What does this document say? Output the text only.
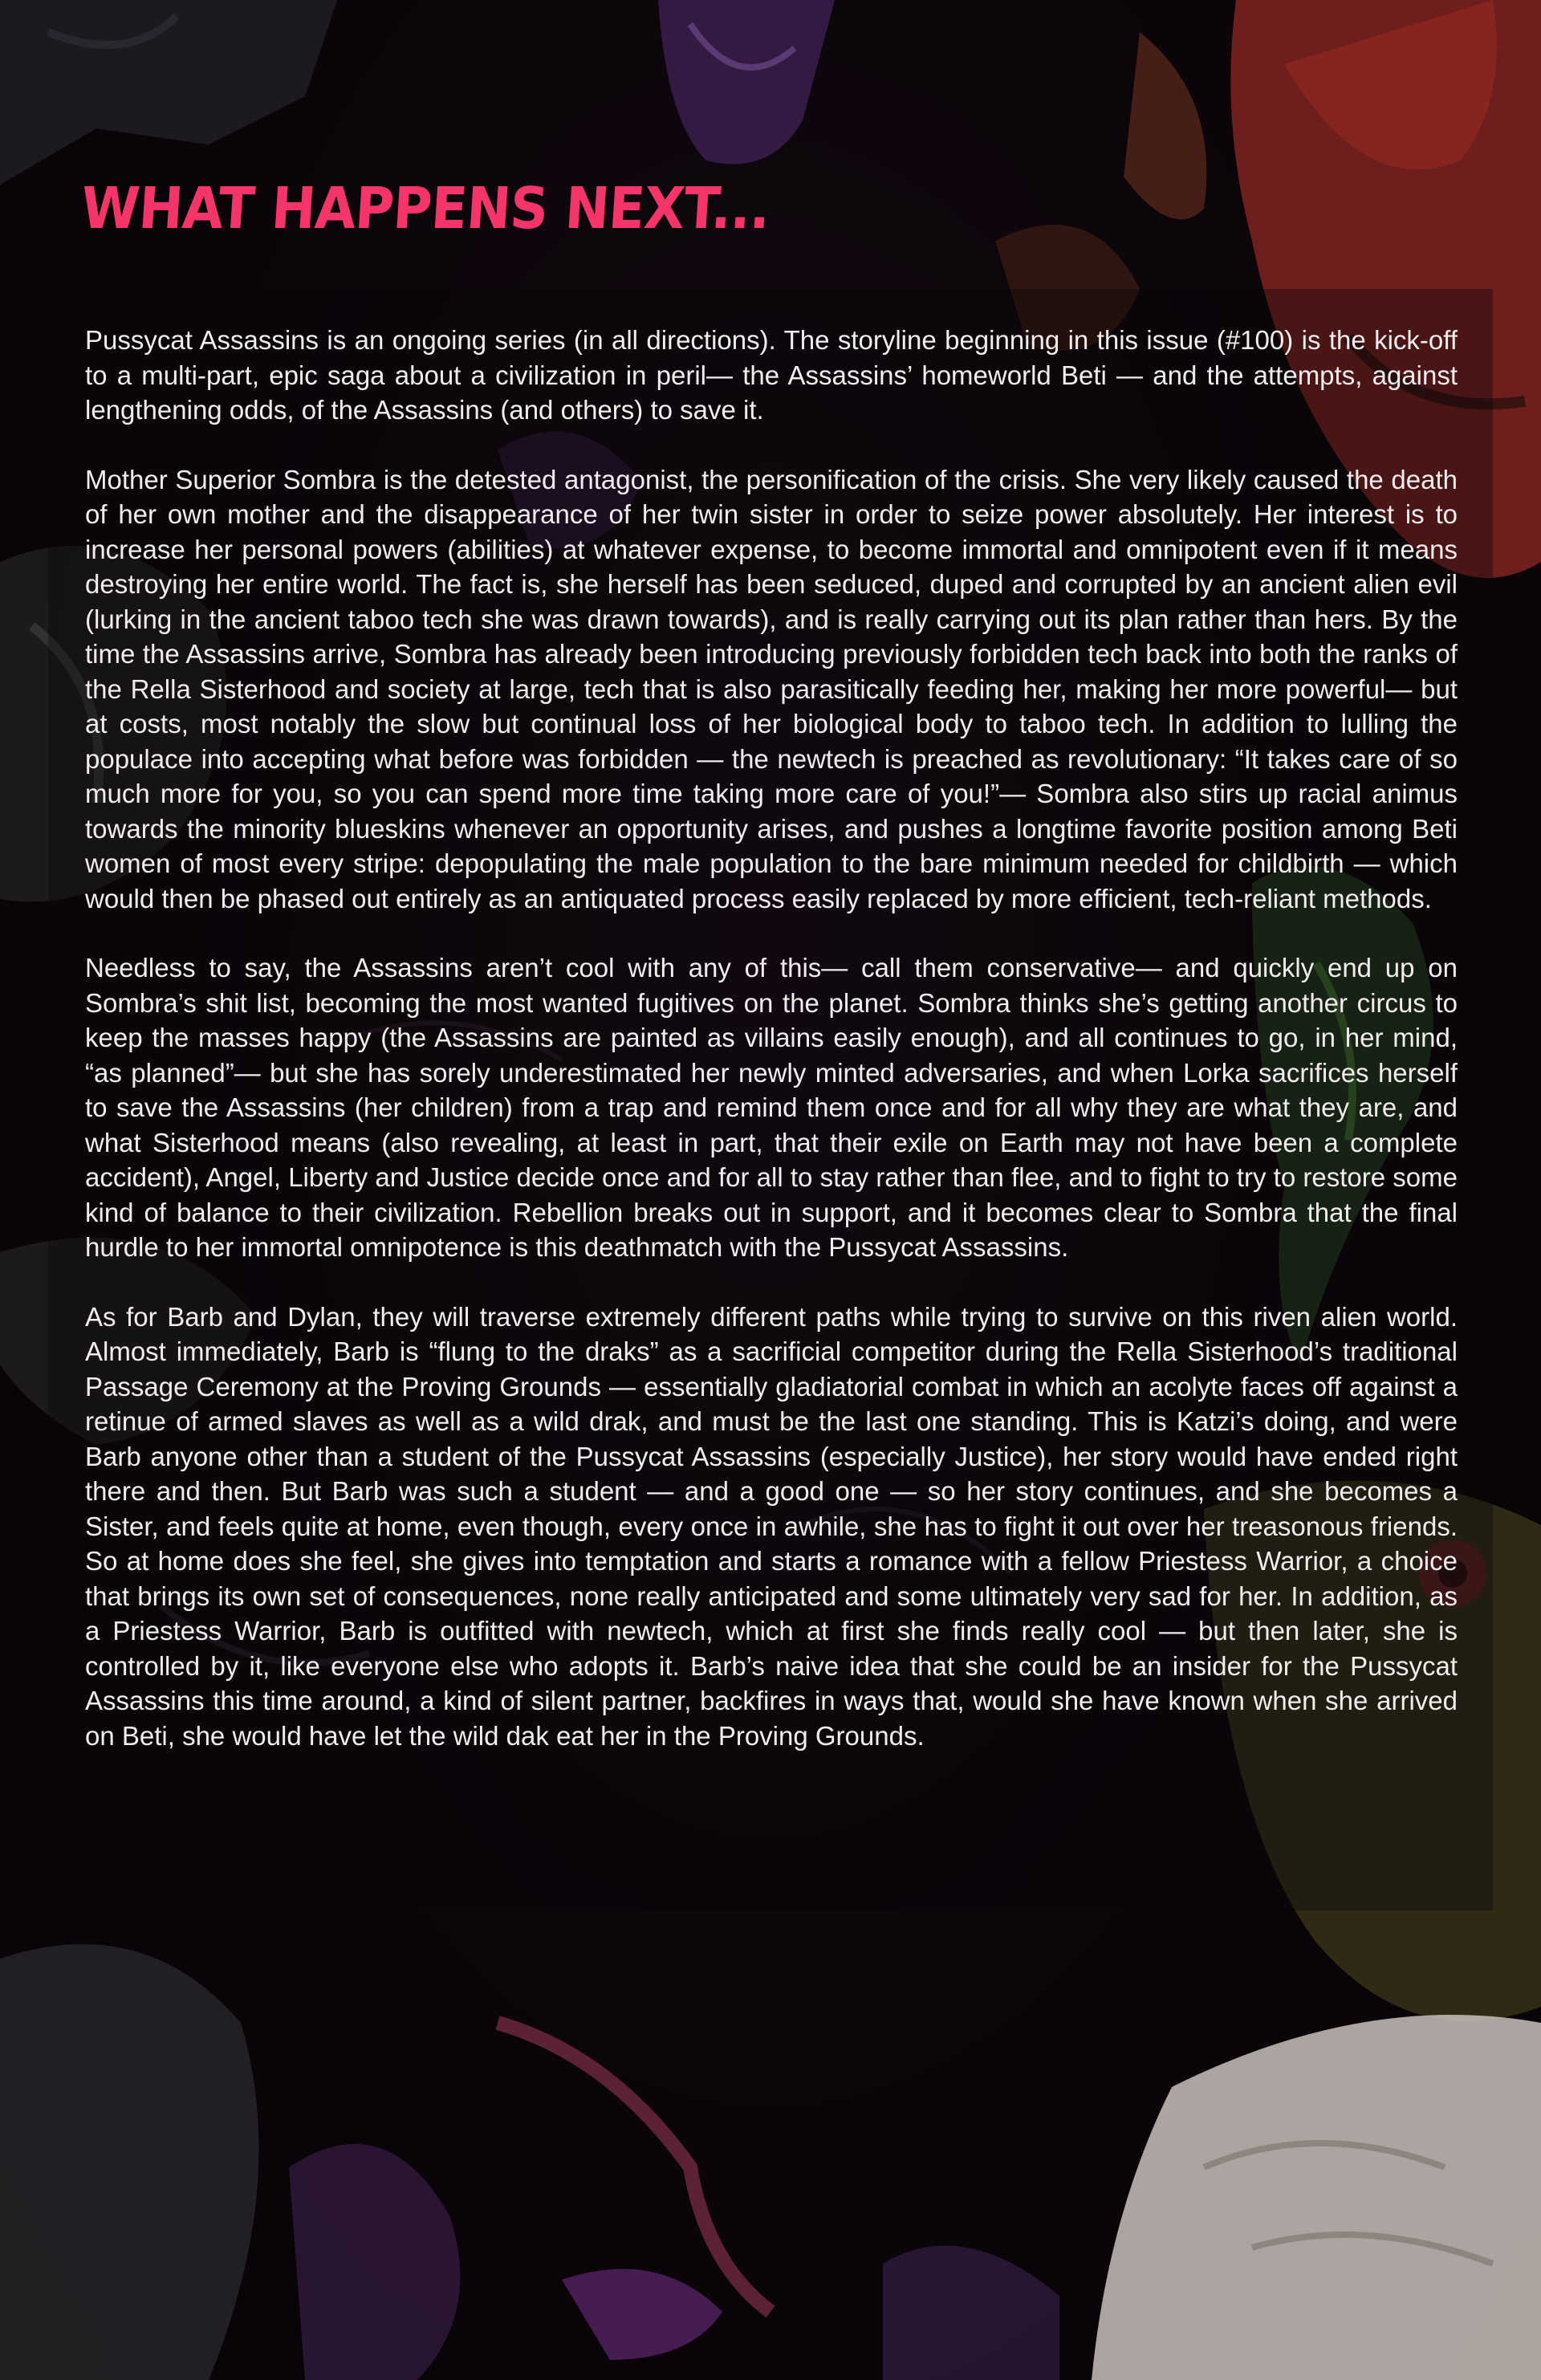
WHAT HAPPENS NEXT...

Pussycat Assassins is an ongoing series (in all directions). The storyline beginning in this issue (#100) is the kick-off to a multi-part, epic saga about a civilization in peril— the Assassins’ homeworld Beti — and the attempts, against lengthening odds, of the Assassins (and others) to save it.

Mother Superior Sombra is the detested antagonist, the personification of the crisis. She very likely caused the death of her own mother and the disappearance of her twin sister in order to seize power absolutely. Her interest is to increase her personal powers (abilities) at whatever expense, to become immortal and omnipotent even if it means destroying her entire world. The fact is, she herself has been seduced, duped and corrupted by an ancient alien evil (lurking in the ancient taboo tech she was drawn towards), and is really carrying out its plan rather than hers. By the time the Assassins arrive, Sombra has already been introducing previously forbidden tech back into both the ranks of the Rella Sisterhood and society at large, tech that is also parasitically feeding her, making her more powerful— but at costs, most notably the slow but continual loss of her biological body to taboo tech. In addition to lulling the populace into accepting what before was forbidden — the newtech is preached as revolutionary: “It takes care of so much more for you, so you can spend more time taking more care of you!”— Sombra also stirs up racial animus towards the minority blueskins whenever an opportunity arises, and pushes a longtime favorite position among Beti women of most every stripe: depopulating the male population to the bare minimum needed for childbirth — which would then be phased out entirely as an antiquated process easily replaced by more efficient, tech-reliant methods.

Needless to say, the Assassins aren’t cool with any of this— call them conservative— and quickly end up on Sombra’s shit list, becoming the most wanted fugitives on the planet. Sombra thinks she’s getting another circus to keep the masses happy (the Assassins are painted as villains easily enough), and all continues to go, in her mind, “as planned”— but she has sorely underestimated her newly minted adversaries, and when Lorka sacrifices herself to save the Assassins (her children) from a trap and remind them once and for all why they are what they are, and what Sisterhood means (also revealing, at least in part, that their exile on Earth may not have been a complete accident), Angel, Liberty and Justice decide once and for all to stay rather than flee, and to fight to try to restore some kind of balance to their civilization. Rebellion breaks out in support, and it becomes clear to Sombra that the final hurdle to her immortal omnipotence is this deathmatch with the Pussycat Assassins.

As for Barb and Dylan, they will traverse extremely different paths while trying to survive on this riven alien world. Almost immediately, Barb is “flung to the draks” as a sacrificial competitor during the Rella Sisterhood’s traditional Passage Ceremony at the Proving Grounds — essentially gladiatorial combat in which an acolyte faces off against a retinue of armed slaves as well as a wild drak, and must be the last one standing. This is Katzi’s doing, and were Barb anyone other than a student of the Pussycat Assassins (especially Justice), her story would have ended right there and then. But Barb was such a student — and a good one — so her story continues, and she becomes a Sister, and feels quite at home, even though, every once in awhile, she has to fight it out over her treasonous friends. So at home does she feel, she gives into temptation and starts a romance with a fellow Priestess Warrior, a choice that brings its own set of consequences, none really anticipated and some ultimately very sad for her. In addition, as a Priestess Warrior, Barb is outfitted with newtech, which at first she finds really cool — but then later, she is controlled by it, like everyone else who adopts it. Barb’s naive idea that she could be an insider for the Pussycat Assassins this time around, a kind of silent partner, backfires in ways that, would she have known when she arrived on Beti, she would have let the wild dak eat her in the Proving Grounds.
